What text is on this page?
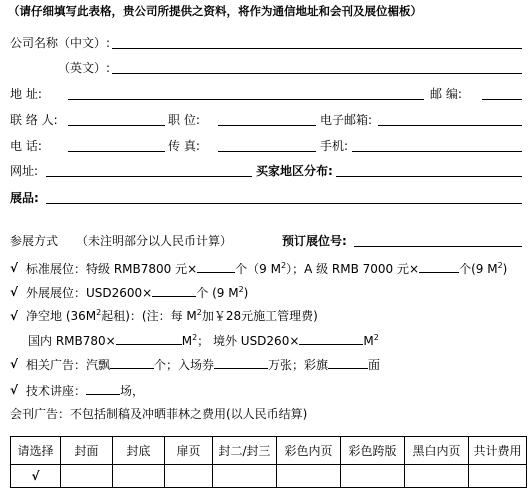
（请仔细填写此表格，贵公司所提供之资料，将作为通信地址和会刊及展位楣板）
公司名称（中文）:
（英文）:
地 址:	邮 编:
联 络 人:	职 位:	电子邮箱:
电 话:	传 真:	手机:
网址:	买家地区分布:
展品:
参展方式 （未注明部分以人民币计算）	预订展位号:
√ 标准展位：特级 RMB7800 元×	个（9 $M^2$）；A 级 RMB 7000 元×	个(9 $M^2$)
√ 外展展位：USD2600×	个 (9 $M^2$)
√ 净空地 ($36M^2$起租)：(注：每 $M^2$加￥28元施工管理费)
国内 RMB780×	$M^2$； 境外 USD260×	$M^2$
√ 相关广告：汽飘	个；入场券	万张；彩旗	面
√ 技术讲座：	场，
会刊广告：不包括制稿及冲晒菲林之费用(以人民币结算)
请选择	封面	封底	扉页	封二/封三	彩色内页	彩色跨版	黑白内页	共计费用
√								
